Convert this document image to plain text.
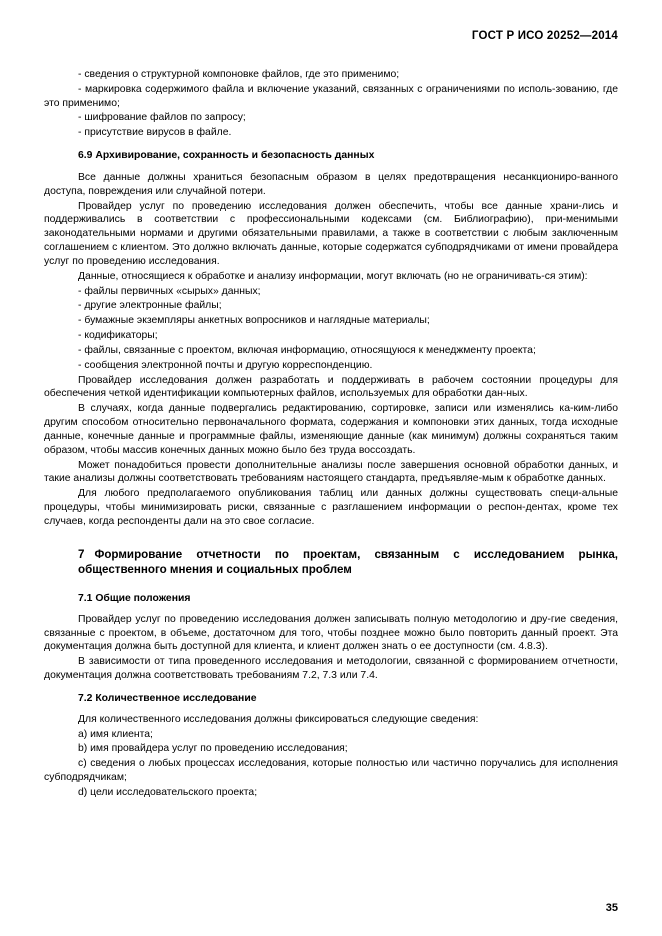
ГОСТ Р ИСО 20252—2014

- сведения о структурной компоновке файлов, где это применимо;

- маркировка содержимого файла и включение указаний, связанных с ограничениями по исполь-зованию, где это применимо;

- шифрование файлов по запросу;

- присутствие вирусов в файле.

6.9 Архивирование, сохранность и безопасность данных

Все данные должны храниться безопасным образом в целях предотвращения несанкциониро-ванного доступа, повреждения или случайной потери.

Провайдер услуг по проведению исследования должен обеспечить, чтобы все данные храни-лись и поддерживались в соответствии с профессиональными кодексами (см. Библиографию), при-менимыми законодательными нормами и другими обязательными правилами, а также в соответствии с любым заключенным соглашением с клиентом. Это должно включать данные, которые содержатся субподрядчиками от имени провайдера услуг по проведению исследования.

Данные, относящиеся к обработке и анализу информации, могут включать (но не ограничивать-ся этим):

- файлы первичных «сырых» данных;

- другие электронные файлы;

- бумажные экземпляры анкетных вопросников и наглядные материалы;

- кодификаторы;

- файлы, связанные с проектом, включая информацию, относящуюся к менеджменту проекта;

- сообщения электронной почты и другую корреспонденцию.

Провайдер исследования должен разработать и поддерживать в рабочем состоянии процедуры для обеспечения четкой идентификации компьютерных файлов, используемых для обработки дан-ных.

В случаях, когда данные подвергались редактированию, сортировке, записи или изменялись ка-ким-либо другим способом относительно первоначального формата, содержания и компоновки этих данных, тогда исходные данные, конечные данные и программные файлы, изменяющие данные (как минимум) должны сохраняться таким образом, чтобы массив конечных данных можно было без труда воссоздать.

Может понадобиться провести дополнительные анализы после завершения основной обработки данных, и такие анализы должны соответствовать требованиям настоящего стандарта, предъявляе-мым к обработке данных.

Для любого предполагаемого опубликования таблиц или данных должны существовать специ-альные процедуры, чтобы минимизировать риски, связанные с разглашением информации о респон-дентах, кроме тех случаев, когда респонденты дали на это свое согласие.

7 Формирование отчетности по проектам, связанным с исследованием рынка, общественного мнения и социальных проблем

7.1 Общие положения

Провайдер услуг по проведению исследования должен записывать полную методологию и дру-гие сведения, связанные с проектом, в объеме, достаточном для того, чтобы позднее можно было повторить данный проект. Эта документация должна быть доступной для клиента, и клиент должен знать о ее доступности (см. 4.8.3).

В зависимости от типа проведенного исследования и методологии, связанной с формированием отчетности, документация должна соответствовать требованиям 7.2, 7.3 или 7.4.

7.2 Количественное исследование

Для количественного исследования должны фиксироваться следующие сведения:

a) имя клиента;

b) имя провайдера услуг по проведению исследования;

c) сведения о любых процессах исследования, которые полностью или частично поручались для исполнения субподрядчикам;

d) цели исследовательского проекта;

35
